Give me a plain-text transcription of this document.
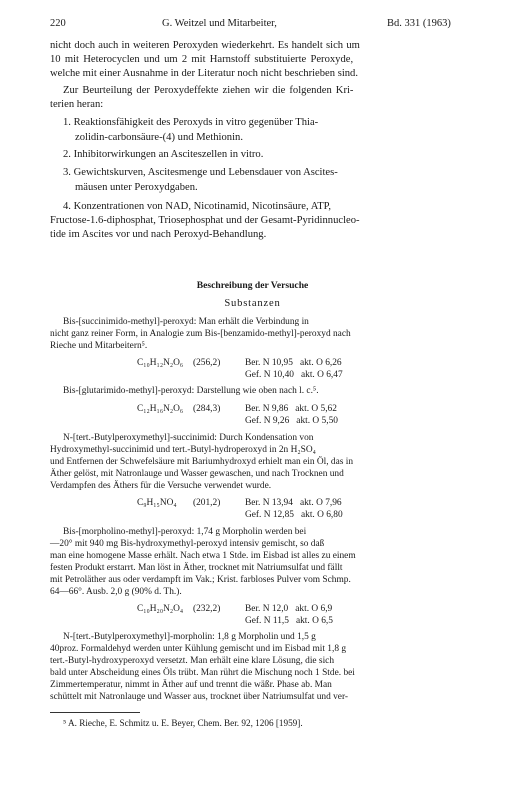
220	G. Weitzel und Mitarbeiter,	Bd. 331 (1963)
nicht doch auch in weiteren Peroxyden wiederkehrt. Es handelt sich um
10 mit Heterocyclen und um 2 mit Harnstoff substituierte Peroxyde,
welche mit einer Ausnahme in der Literatur noch nicht beschrieben sind.
Zur Beurteilung der Peroxydeffekte ziehen wir die folgenden Kri-
terien heran:
1. Reaktionsfähigkeit des Peroxyds in vitro gegenüber Thia-
zolidin-carbonsäure-(4) und Methionin.
2. Inhibitorwirkungen an Asciteszellen in vitro.
3. Gewichtskurven, Ascitesmenge und Lebensdauer von Ascites-
mäusen unter Peroxydgaben.
4. Konzentrationen von NAD, Nicotinamid, Nicotinsäure, ATP,
Fructose-1.6-diphosphat, Triosephosphat und der Gesamt-Pyridinnucleo-
tide im Ascites vor und nach Peroxyd-Behandlung.
Beschreibung der Versuche
Substanzen
Bis-[succinimido-methyl]-peroxyd: Man erhält die Verbindung in
nicht ganz reiner Form, in Analogie zum Bis-[benzamido-methyl]-peroxyd nach
Rieche und Mitarbeitern⁵.
C₁₀H₁₂N₂O₆ (256,2)	Ber. N 10,95   akt. O 6,26
Gef. N 10,40   akt. O 6,47
Bis-[glutarimido-methyl]-peroxyd: Darstellung wie oben nach l. c.⁵.
C₁₂H₁₆N₂O₆ (284,3)	Ber. N 9,86   akt. O 5,62
Gef. N 9,26   akt. O 5,50
N-[tert.-Butylperoxymethyl]-succinimid: Durch Kondensation von
Hydroxymethyl-succinimid und tert.-Butyl-hydroperoxyd in 2n H₂SO₄
und Entfernen der Schwefelsäure mit Bariumhydroxyd erhielt man ein Öl, das in
Äther gelöst, mit Natronlauge und Wasser gewaschen, und nach Trocknen und
Verdampfen des Äthers für die Versuche verwendet wurde.
C₉H₁₅NO₄ (201,2)	Ber. N 13,94   akt. O 7,96
Gef. N 12,85   akt. O 6,80
Bis-[morpholino-methyl]-peroxyd: 1,74 g Morpholin werden bei
—20° mit 940 mg Bis-hydroxymethyl-peroxyd intensiv gemischt, so daß
man eine homogene Masse erhält. Nach etwa 1 Stde. im Eisbad ist alles zu einem
festen Produkt erstarrt. Man löst in Äther, trocknet mit Natriumsulfat und fällt
mit Petroläther aus oder verdampft im Vak.; Krist. farbloses Pulver vom Schmp.
64—66°. Ausb. 2,0 g (90% d. Th.).
C₁₀H₂₀N₂O₄ (232,2)	Ber. N 12,0   akt. O 6,9
Gef. N 11,5   akt. O 6,5
N-[tert.-Butylperoxymethyl]-morpholin: 1,8 g Morpholin und 1,5 g
40proz. Formaldehyd werden unter Kühlung gemischt und im Eisbad mit 1,8 g
tert.-Butyl-hydroxyperoxyd versetzt. Man erhält eine klare Lösung, die sich
bald unter Abscheidung eines Öls trübt. Man rührt die Mischung noch 1 Stde. bei
Zimmertemperatur, nimmt in Äther auf und trennt die wäßr. Phase ab. Man
schüttelt mit Natronlauge und Wasser aus, trocknet über Natriumsulfat und ver-
⁵ A. Rieche, E. Schmitz u. E. Beyer, Chem. Ber. 92, 1206 [1959].
